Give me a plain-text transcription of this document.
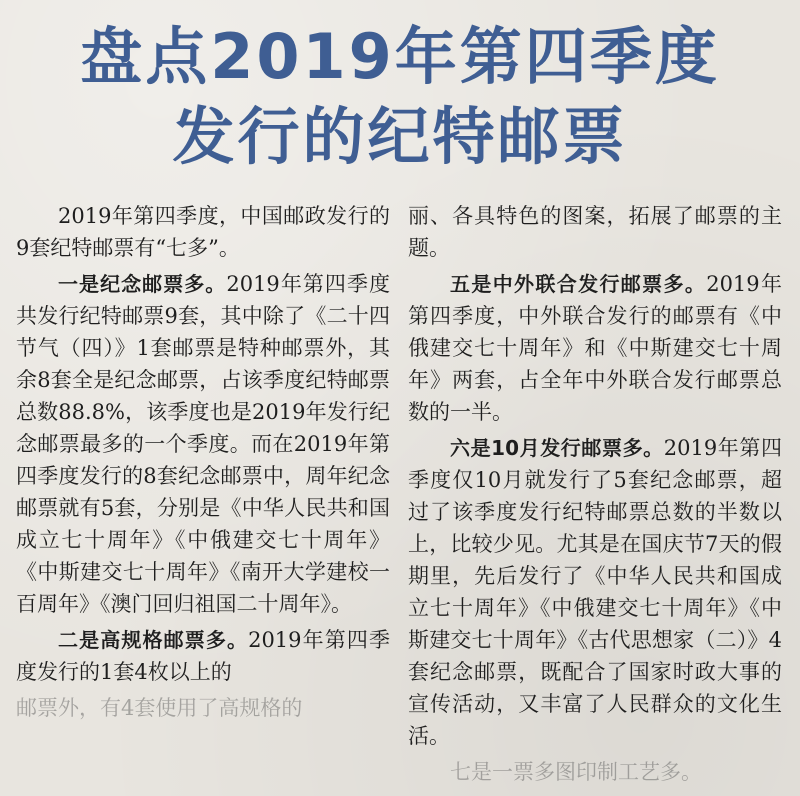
盘点2019年第四季度
发行的纪特邮票

2019年第四季度，中国邮政发行的9套纪特邮票有“七多”。

一是纪念邮票多。2019年第四季度共发行纪特邮票9套，其中除了《二十四节气（四）》1套邮票是特种邮票外，其余8套全是纪念邮票，占该季度纪特邮票总数88.8%，该季度也是2019年发行纪念邮票最多的一个季度。而在2019年第四季度发行的8套纪念邮票中，周年纪念邮票就有5套，分别是《中华人民共和国成立七十周年》《中俄建交七十周年》《中斯建交七十周年》《南开大学建校一百周年》《澳门回归祖国二十周年》。

二是高规格邮票多。2019年第四季度发行的1套4枚以上的

邮票外，有4套使用了高规格的

丽、各具特色的图案，拓展了邮票的主题。

五是中外联合发行邮票多。2019年第四季度，中外联合发行的邮票有《中俄建交七十周年》和《中斯建交七十周年》两套，占全年中外联合发行邮票总数的一半。

六是10月发行邮票多。2019年第四季度仅10月就发行了5套纪念邮票，超过了该季度发行纪特邮票总数的半数以上，比较少见。尤其是在国庆节7天的假期里，先后发行了《中华人民共和国成立七十周年》《中俄建交七十周年》《中斯建交七十周年》《古代思想家（二）》4套纪念邮票，既配合了国家时政大事的宣传活动，又丰富了人民群众的文化生活。

七是一票多图印制工艺多。
